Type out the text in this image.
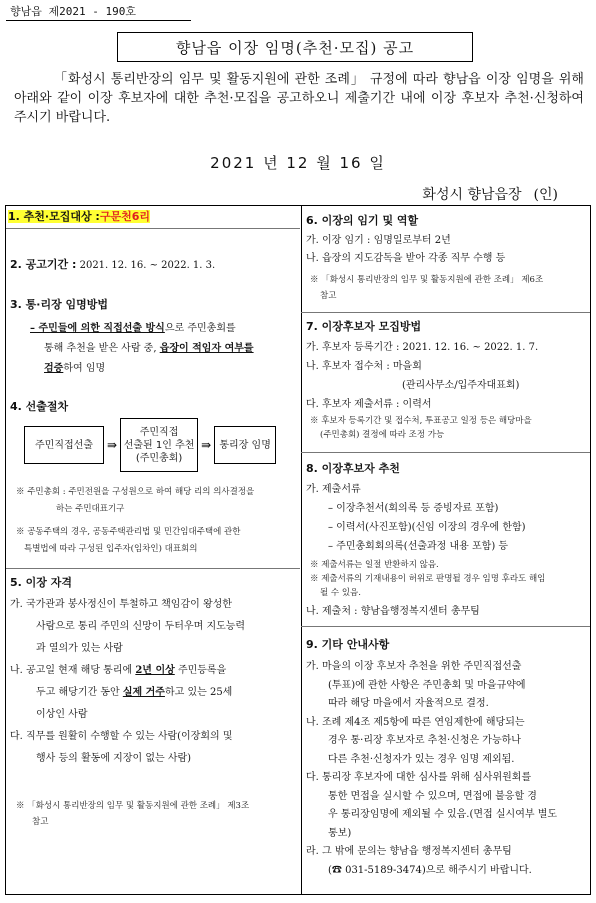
향남읍 제2021 - 190호
향남읍 이장 임명(추천·모집) 공고

「화성시 통리반장의 임무 및 활동지원에 관한 조례」 규정에 따라 향남읍 이장 임명을 위해 아래와 같이 이장 후보자에 대한 추천·모집을 공고하오니 제출기간 내에 이장 후보자 추천·신청하여 주시기 바랍니다.

2021 년 12 월 16 일
화성시 향남읍장 (인)
1. 추천·모집대상 :구문천6리
2. 공고기간 : 2021. 12. 16. ~ 2022. 1. 3.
3. 통·리장 임명방법
– 주민들에 의한 직접선출 방식으로 주민총회를
통해 추천을 받은 사람 중, 읍장이 적임자 여부를
검증하여 임명
4. 선출절차
주민직접선출	⇛
주민직접
선출된 1인 추천
(주민총회)
⇛ 통리장 임명
※ 주민총회 : 주민전원을 구성원으로 하여 해당 리의 의사결정을
하는 주민대표기구
※ 공동주택의 경우, 공동주택관리법 및 민간임대주택에 관한
특별법에 따라 구성된 입주자(임차인) 대표회의
5. 이장 자격
가. 국가관과 봉사정신이 투철하고 책임감이 왕성한
사람으로 통리 주민의 신망이 두터우며 지도능력
과 열의가 있는 사람
나. 공고일 현재 해당 통리에 2년 이상 주민등록을
두고 해당기간 동안 실제 거주하고 있는 25세
이상인 사람
다. 직무를 원활히 수행할 수 있는 사람(이장회의 및
행사 등의 활동에 지장이 없는 사람)
※ 「화성시 통리반장의 임무 및 활동지원에 관한 조례」 제3조
참고
6. 이장의 임기 및 역할
가. 이장 임기 : 임명일로부터 2년
나. 읍장의 지도감독을 받아 각종 직무 수행 등
※ 「화성시 통리반장의 임무 및 활동지원에 관한 조례」 제6조
참고
7. 이장후보자 모집방법
가. 후보자 등록기간 : 2021. 12. 16. ~ 2022. 1. 7.
나. 후보자 접수처 : 마을회
(관리사무소/입주자대표회)
다. 후보자 제출서류 : 이력서
※ 후보자 등록기간 및 접수처, 투표공고 일정 등은 해당마을
(주민총회) 결정에 따라 조정 가능
8. 이장후보자 추천
가. 제출서류
– 이장추천서(회의록 등 증빙자료 포함)
– 이력서(사진포함)(신임 이장의 경우에 한함)
– 주민총회회의록(선출과정 내용 포함) 등
※ 제출서류는 일절 반환하지 않음.
※ 제출서류의 기재내용이 허위로 판명될 경우 임명 후라도 해임
될 수 있음.
나. 제출처 : 향남읍행정복지센터 총무팀
9. 기타 안내사항
가. 마을의 이장 후보자 추천을 위한 주민직접선출
(투표)에 관한 사항은 주민총회 및 마을규약에
따라 해당 마을에서 자율적으로 결정.
나. 조례 제4조 제5항에 따른 연임제한에 해당되는
경우 통·리장 후보자로 추천·신청은 가능하나
다른 추천·신청자가 있는 경우 임명 제외됨.
다. 통리장 후보자에 대한 심사를 위해 심사위원회를
통한 면접을 실시할 수 있으며, 면접에 불응할 경
우 통리장임명에 제외될 수 있음.(면접 실시여부 별도
통보)
라. 그 밖에 문의는 향남읍 행정복지센터 총무팀
(☎ 031-5189-3474)으로 해주시기 바랍니다.
